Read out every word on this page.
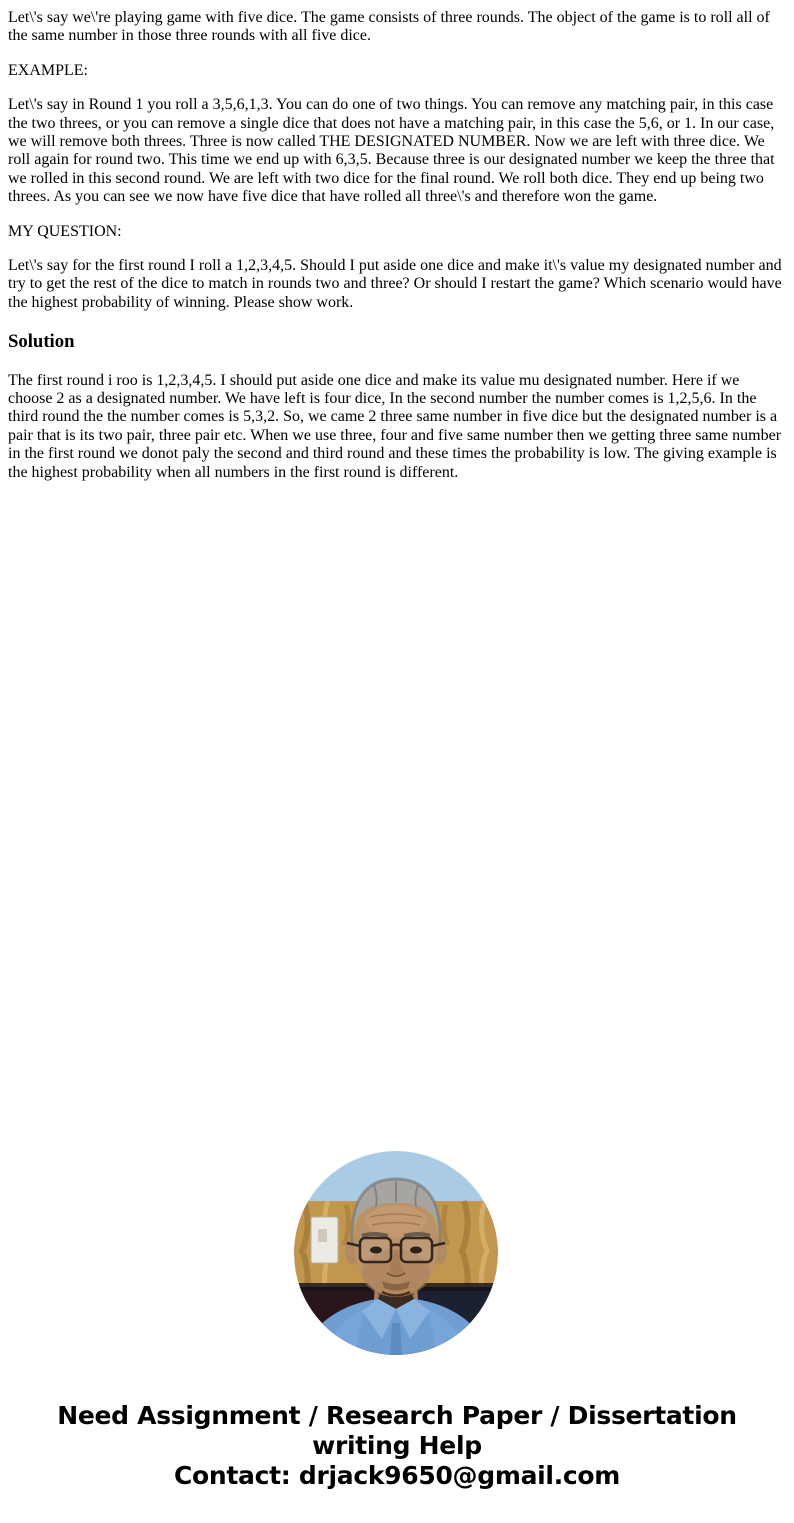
Let\'s say we\'re playing game with five dice. The game consists of three rounds. The object of the game is to roll all of the same number in those three rounds with all five dice.

EXAMPLE:

Let\'s say in Round 1 you roll a 3,5,6,1,3. You can do one of two things. You can remove any matching pair, in this case the two threes, or you can remove a single dice that does not have a matching pair, in this case the 5,6, or 1. In our case, we will remove both threes. Three is now called THE DESIGNATED NUMBER. Now we are left with three dice. We roll again for round two. This time we end up with 6,3,5. Because three is our designated number we keep the three that we rolled in this second round. We are left with two dice for the final round. We roll both dice. They end up being two threes. As you can see we now have five dice that have rolled all three\'s and therefore won the game.

MY QUESTION:

Let\'s say for the first round I roll a 1,2,3,4,5. Should I put aside one dice and make it\'s value my designated number and try to get the rest of the dice to match in rounds two and three? Or should I restart the game? Which scenario would have the highest probability of winning. Please show work.

Solution

The first round i roo is 1,2,3,4,5. I should put aside one dice and make its value mu designated number. Here if we choose 2 as a designated number. We have left is four dice, In the second number the number comes is 1,2,5,6. In the third round the the number comes is 5,3,2. So, we came 2 three same number in five dice but the designated number is a pair that is its two pair, three pair etc. When we use three, four and five same number then we getting three same number in the first round we donot paly the second and third round and these times the probability is low. The giving example is the highest probability when all numbers in the first round is different.

Need Assignment / Research Paper / Dissertation writing Help
Contact: drjack9650@gmail.com
